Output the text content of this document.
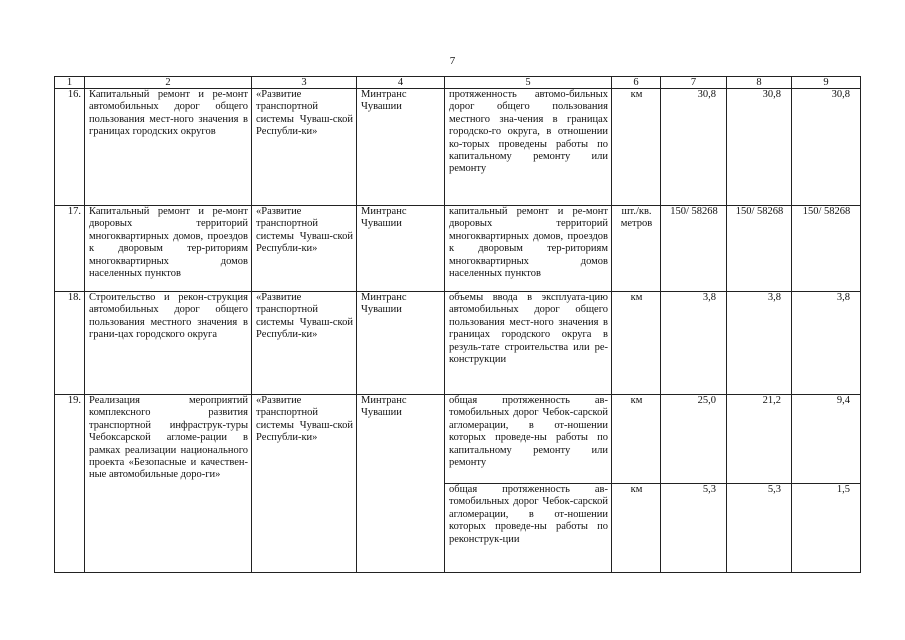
7
1	2	3	4	5	6	7	8	9
16.	Капитальный ремонт и ре-монт автомобильных дорог общего пользования мест-ного значения в границах городских округов	«Развитие транспортной системы Чуваш-ской Республи-ки»	Минтранс Чувашии	протяженность автомо-бильных дорог общего пользования местного зна-чения в границах городско-го округа, в отношении ко-торых проведены работы по капитальному ремонту или ремонту	км	30,8	30,8	30,8
17.	Капитальный ремонт и ре-монт дворовых территорий многоквартирных домов, проездов к дворовым тер-риториям многоквартирных домов населенных пунктов	«Развитие транспортной системы Чуваш-ской Республи-ки»	Минтранс Чувашии	капитальный ремонт и ре-монт дворовых территорий многоквартирных домов, проездов к дворовым тер-риториям многоквартирных домов населенных пунктов	шт./кв. метров	150/ 58268	150/ 58268	150/ 58268
18.	Строительство и рекон-струкция автомобильных дорог общего пользования местного значения в грани-цах городского округа	«Развитие транспортной системы Чуваш-ской Республи-ки»	Минтранс Чувашии	объемы ввода в эксплуата-цию автомобильных дорог общего пользования мест-ного значения в границах городского округа в резуль-тате строительства или ре-конструкции	км	3,8	3,8	3,8
19.	Реализация мероприятий комплексного развития транспортной инфраструк-туры Чебоксарской агломе-рации в рамках реализации национального проекта «Безопасные и качествен-ные автомобильные доро-ги»	«Развитие транспортной системы Чуваш-ской Республи-ки»	Минтранс Чувашии	общая протяженность ав-томобильных дорог Чебок-сарской агломерации, в от-ношении которых проведе-ны работы по капитальному ремонту или ремонту	км	25,0	21,2	9,4
				общая протяженность ав-томобильных дорог Чебок-сарской агломерации, в от-ношении которых проведе-ны работы по реконструк-ции	км	5,3	5,3	1,5
